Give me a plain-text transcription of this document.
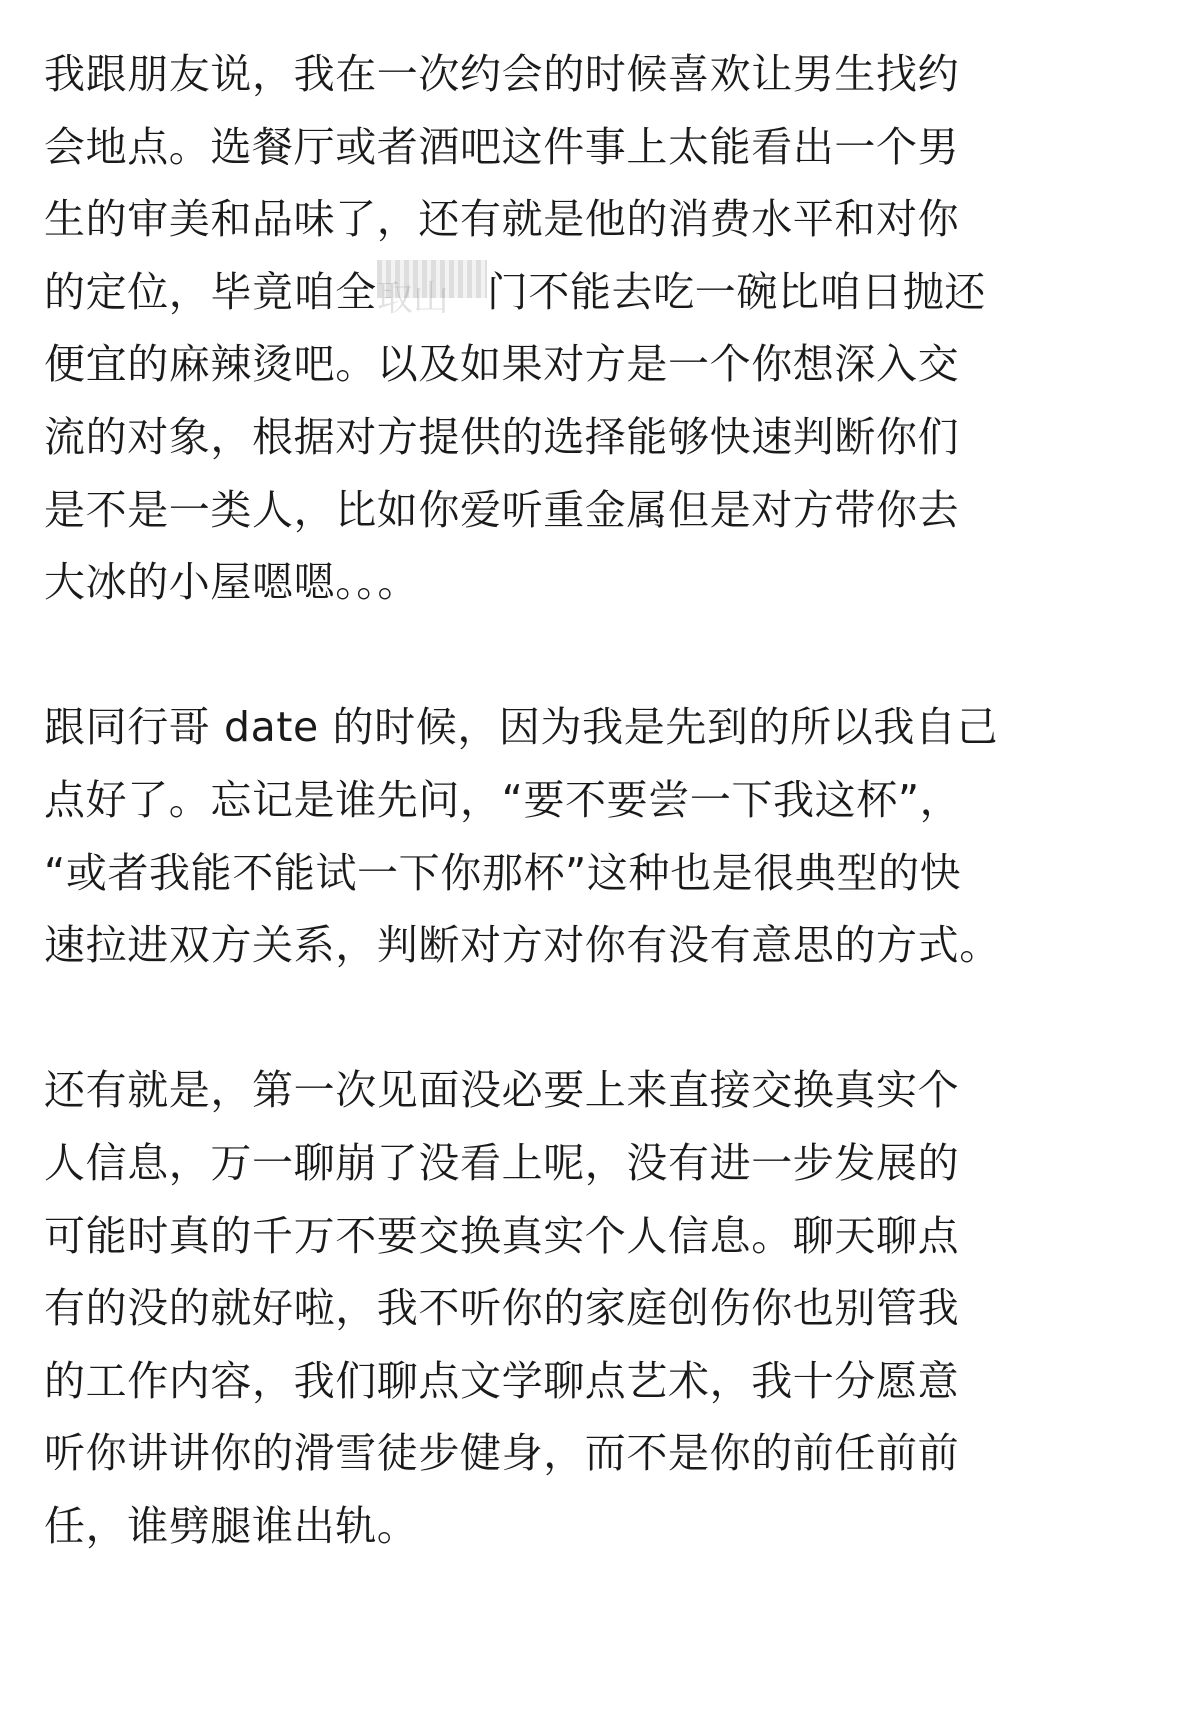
我跟朋友说，我在一次约会的时候喜欢让男生找约
会地点。选餐厅或者酒吧这件事上太能看出一个男
生的审美和品味了，还有就是他的消费水平和对你
的定位，毕竟咱全取山 门不能去吃一碗比咱日抛还
便宜的麻辣烫吧。以及如果对方是一个你想深入交
流的对象，根据对方提供的选择能够快速判断你们
是不是一类人，比如你爱听重金属但是对方带你去
大冰的小屋嗯嗯。。。
跟同行哥 date 的时候，因为我是先到的所以我自己
点好了。忘记是谁先问，“要不要尝一下我这杯”，
“或者我能不能试一下你那杯”这种也是很典型的快
速拉进双方关系，判断对方对你有没有意思的方式。
还有就是，第一次见面没必要上来直接交换真实个
人信息，万一聊崩了没看上呢，没有进一步发展的
可能时真的千万不要交换真实个人信息。聊天聊点
有的没的就好啦，我不听你的家庭创伤你也别管我
的工作内容，我们聊点文学聊点艺术，我十分愿意
听你讲讲你的滑雪徒步健身，而不是你的前任前前
任，谁劈腿谁出轨。
